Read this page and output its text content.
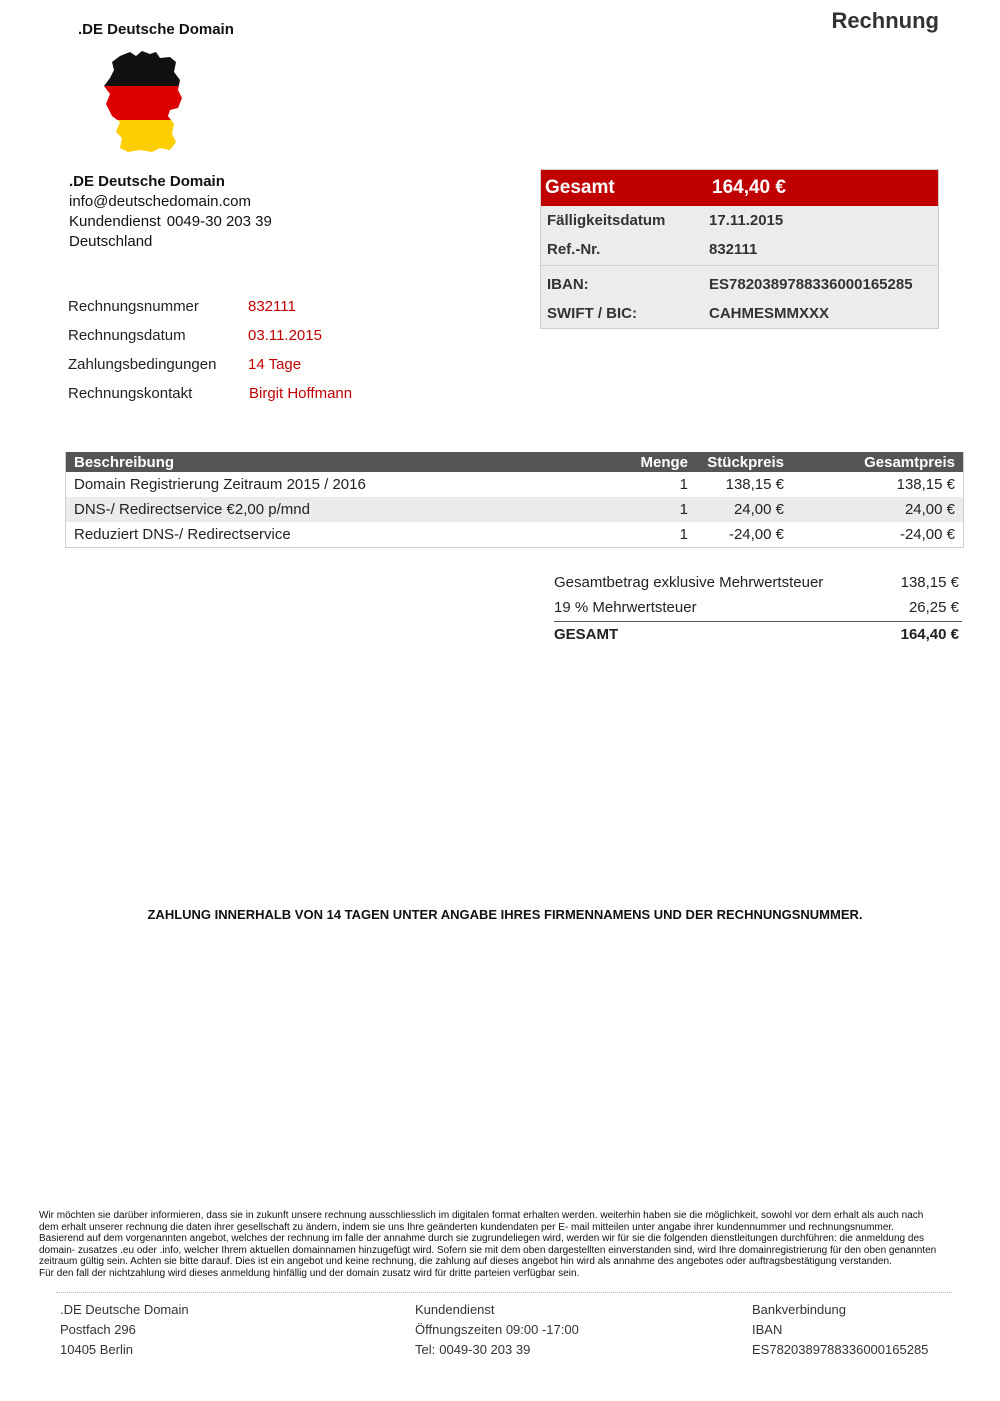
.DE Deutsche Domain	Rechnung
.DE Deutsche Domain
info@deutschedomain.com
Kundendienst 0049-30 203 39
Deutschland
Rechnungsnummer	832111
Rechnungsdatum	03.11.2015
Zahlungsbedingungen	14 Tage
Rechnungskontakt	Birgit Hoffmann
Gesamt	164,40 €
Fälligkeitsdatum	17.11.2015
Ref.-Nr.	832111
IBAN:	ES7820389788336000165285
SWIFT / BIC:	CAHMESMMXXX
Beschreibung	Menge	Stückpreis	Gesamtpreis
Domain Registrierung Zeitraum 2015 / 2016	1	138,15 €	138,15 €
DNS-/ Redirectservice €2,00 p/mnd	1	24,00 €	24,00 €
Reduziert DNS-/ Redirectservice	1	-24,00 €	-24,00 €
Gesamtbetrag exklusive Mehrwertsteuer	138,15 €
19 % Mehrwertsteuer	26,25 €
GESAMT	164,40 €
ZAHLUNG INNERHALB VON 14 TAGEN UNTER ANGABE IHRES FIRMENNAMENS UND DER RECHNUNGSNUMMER.
Wir möchten sie darüber informieren, dass sie in zukunft unsere rechnung ausschliesslich im digitalen format erhalten werden. weiterhin haben sie die möglichkeit, sowohl vor dem erhalt als auch nach
dem erhalt unserer rechnung die daten ihrer gesellschaft zu ändern, indem sie uns Ihre geänderten kundendaten per E- mail mitteilen unter angabe ihrer kundennummer und rechnungsnummer.
Basierend auf dem vorgenannten angebot, welches der rechnung im falle der annahme durch sie zugrundeliegen wird, werden wir für sie die folgenden dienstleitungen durchführen: die anmeldung des
domain- zusatzes .eu oder .info, welcher Ihrem aktuellen domainnamen hinzugefügt wird. Sofern sie mit dem oben dargestellten einverstanden sind, wird Ihre domainregistrierung für den oben genannten
zeitraum gültig sein. Achten sie bitte darauf. Dies ist ein angebot und keine rechnung, die zahlung auf dieses angebot hin wird als annahme des angebotes oder auftragsbestätigung verstanden.
Für den fall der nichtzahlung wird dieses anmeldung hinfällig und der domain zusatz wird für dritte parteien verfügbar sein.
.DE Deutsche Domain
Postfach 296
10405 Berlin
Kundendienst
Öffnungszeiten 09:00 -17:00
Tel: 0049-30 203 39
Bankverbindung
IBAN
ES7820389788336000165285
